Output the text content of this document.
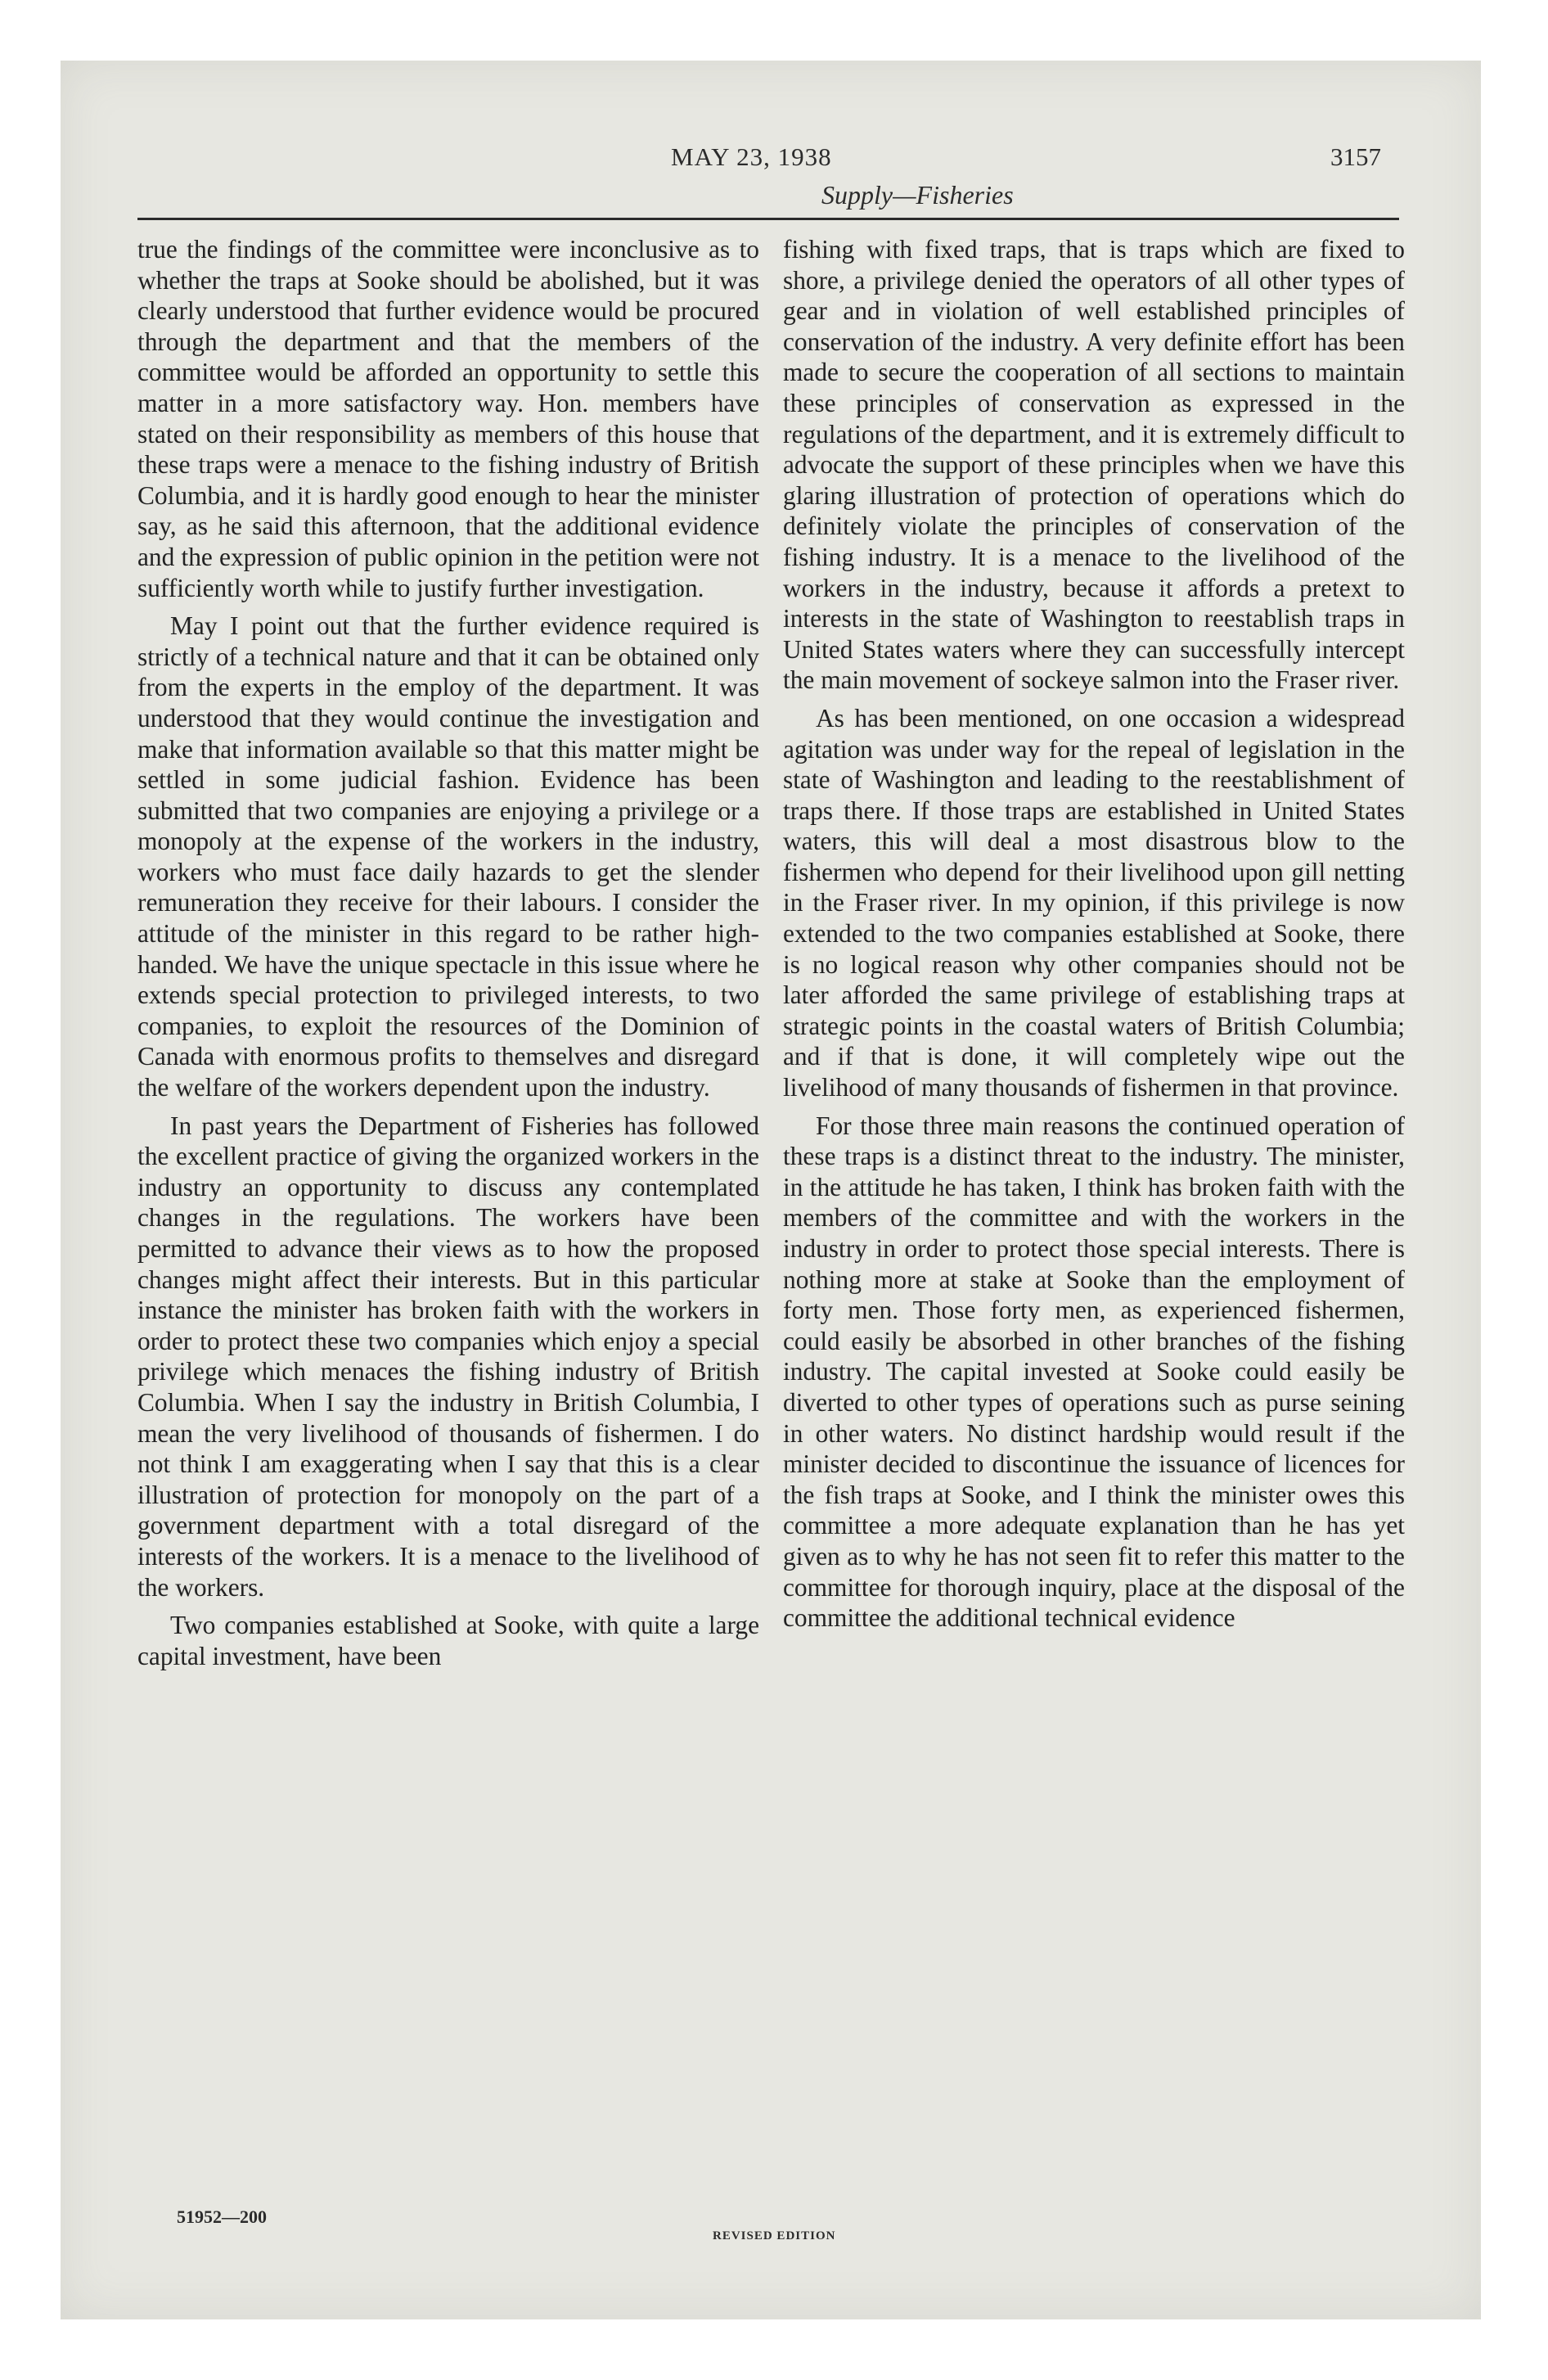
MAY 23, 1938
Supply—Fisheries
3157

true the findings of the committee were inconclusive as to whether the traps at Sooke should be abolished, but it was clearly understood that further evidence would be procured through the department and that the members of the committee would be afforded an opportunity to settle this matter in a more satisfactory way. Hon. members have stated on their responsibility as members of this house that these traps were a menace to the fishing industry of British Columbia, and it is hardly good enough to hear the minister say, as he said this afternoon, that the additional evidence and the expression of public opinion in the petition were not sufficiently worth while to justify further investigation.

May I point out that the further evidence required is strictly of a technical nature and that it can be obtained only from the experts in the employ of the department. It was understood that they would continue the investigation and make that information available so that this matter might be settled in some judicial fashion. Evidence has been submitted that two companies are enjoying a privilege or a monopoly at the expense of the workers in the industry, workers who must face daily hazards to get the slender remuneration they receive for their labours. I consider the attitude of the minister in this regard to be rather high-handed. We have the unique spectacle in this issue where he extends special protection to privileged interests, to two companies, to exploit the resources of the Dominion of Canada with enormous profits to themselves and disregard the welfare of the workers dependent upon the industry.

In past years the Department of Fisheries has followed the excellent practice of giving the organized workers in the industry an opportunity to discuss any contemplated changes in the regulations. The workers have been permitted to advance their views as to how the proposed changes might affect their interests. But in this particular instance the minister has broken faith with the workers in order to protect these two companies which enjoy a special privilege which menaces the fishing industry of British Columbia. When I say the industry in British Columbia, I mean the very livelihood of thousands of fishermen. I do not think I am exaggerating when I say that this is a clear illustration of protection for monopoly on the part of a government department with a total disregard of the interests of the workers. It is a menace to the livelihood of the workers.

Two companies established at Sooke, with quite a large capital investment, have been

fishing with fixed traps, that is traps which are fixed to shore, a privilege denied the operators of all other types of gear and in violation of well established principles of conservation of the industry. A very definite effort has been made to secure the cooperation of all sections to maintain these principles of conservation as expressed in the regulations of the department, and it is extremely difficult to advocate the support of these principles when we have this glaring illustration of protection of operations which do definitely violate the principles of conservation of the fishing industry. It is a menace to the livelihood of the workers in the industry, because it affords a pretext to interests in the state of Washington to reestablish traps in United States waters where they can successfully intercept the main movement of sockeye salmon into the Fraser river.

As has been mentioned, on one occasion a widespread agitation was under way for the repeal of legislation in the state of Washington and leading to the reestablishment of traps there. If those traps are established in United States waters, this will deal a most disastrous blow to the fishermen who depend for their livelihood upon gill netting in the Fraser river. In my opinion, if this privilege is now extended to the two companies established at Sooke, there is no logical reason why other companies should not be later afforded the same privilege of establishing traps at strategic points in the coastal waters of British Columbia; and if that is done, it will completely wipe out the livelihood of many thousands of fishermen in that province.

For those three main reasons the continued operation of these traps is a distinct threat to the industry. The minister, in the attitude he has taken, I think has broken faith with the members of the committee and with the workers in the industry in order to protect those special interests. There is nothing more at stake at Sooke than the employment of forty men. Those forty men, as experienced fishermen, could easily be absorbed in other branches of the fishing industry. The capital invested at Sooke could easily be diverted to other types of operations such as purse seining in other waters. No distinct hardship would result if the minister decided to discontinue the issuance of licences for the fish traps at Sooke, and I think the minister owes this committee a more adequate explanation than he has yet given as to why he has not seen fit to refer this matter to the committee for thorough inquiry, place at the disposal of the committee the additional technical evidence

51952—200
REVISED EDITION
